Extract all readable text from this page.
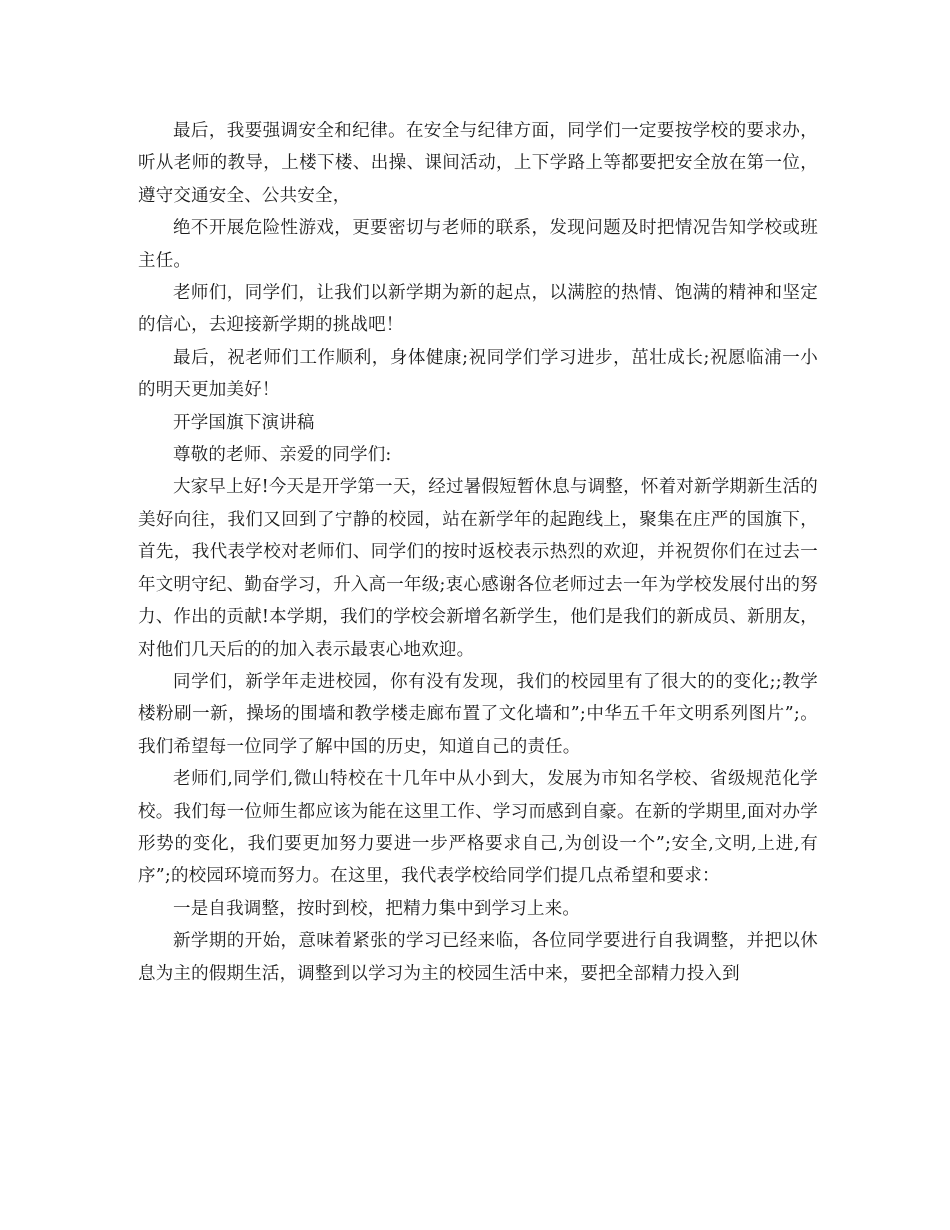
最后，我要强调安全和纪律。在安全与纪律方面，同学们一定要按学校的要求办，听从老师的教导，上楼下楼、出操、课间活动，上下学路上等都要把安全放在第一位，遵守交通安全、公共安全，

绝不开展危险性游戏，更要密切与老师的联系，发现问题及时把情况告知学校或班主任。

老师们，同学们，让我们以新学期为新的起点，以满腔的热情、饱满的精神和坚定的信心，去迎接新学期的挑战吧！

最后，祝老师们工作顺利，身体健康;祝同学们学习进步，茁壮成长;祝愿临浦一小的明天更加美好！

开学国旗下演讲稿

尊敬的老师、亲爱的同学们:

大家早上好!今天是开学第一天，经过暑假短暂休息与调整，怀着对新学期新生活的美好向往，我们又回到了宁静的校园，站在新学年的起跑线上，聚集在庄严的国旗下，首先，我代表学校对老师们、同学们的按时返校表示热烈的欢迎，并祝贺你们在过去一年文明守纪、勤奋学习，升入高一年级;衷心感谢各位老师过去一年为学校发展付出的努力、作出的贡献!本学期，我们的学校会新增名新学生，他们是我们的新成员、新朋友，对他们几天后的的加入表示最衷心地欢迎。

同学们，新学年走进校园，你有没有发现，我们的校园里有了很大的的变化;;教学楼粉刷一新，操场的围墙和教学楼走廊布置了文化墙和”;中华五千年文明系列图片”;。我们希望每一位同学了解中国的历史，知道自己的责任。

老师们,同学们,微山特校在十几年中从小到大，发展为市知名学校、省级规范化学校。我们每一位师生都应该为能在这里工作、学习而感到自豪。在新的学期里,面对办学形势的变化，我们要更加努力要进一步严格要求自己,为创设一个”;安全,文明,上进,有序”;的校园环境而努力。在这里，我代表学校给同学们提几点希望和要求：

一是自我调整，按时到校，把精力集中到学习上来。

新学期的开始，意味着紧张的学习已经来临，各位同学要进行自我调整，并把以休息为主的假期生活，调整到以学习为主的校园生活中来，要把全部精力投入到
